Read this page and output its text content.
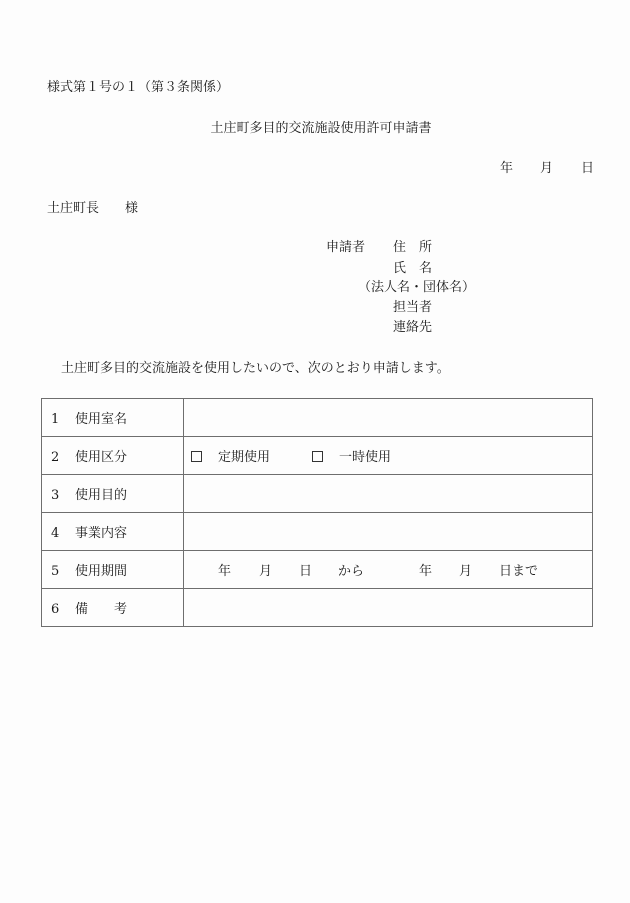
様式第１号の１（第３条関係）
土庄町多目的交流施設使用許可申請書
年 月 日
土庄町長 様
申請者 住　所
氏　名
（法人名・団体名）
担当者
連絡先
土庄町多目的交流施設を使用したいので、次のとおり申請します。
1 使用室名	
2 使用区分	定期使用 一時使用
3 使用目的	
4 事業内容	
5 使用期間	年 月 日 から 年 月 日まで
6 備　　考	
